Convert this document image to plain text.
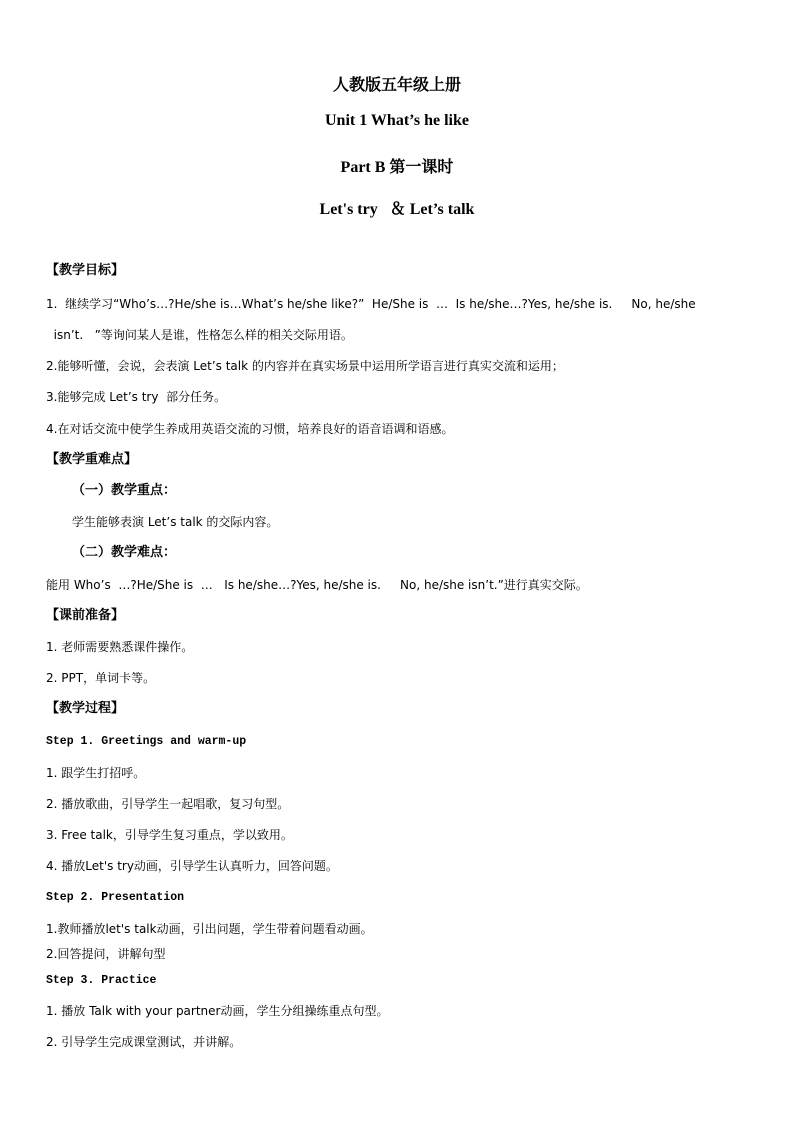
人教版五年级上册
Unit 1 What’s he like
Part B 第一课时
Let's try   ＆ Let’s talk
【教学目标】
1.  继续学习“Who’s…?He/she is…What’s he/she like?”  He/She is  …  Is he/she…?Yes, he/she is.     No, he/she
isn’t.   ”等询问某人是谁，性格怎么样的相关交际用语。
2.能够听懂，会说，会表演 Let’s talk 的内容并在真实场景中运用所学语言进行真实交流和运用；
3.能够完成 Let’s try  部分任务。
4.在对话交流中使学生养成用英语交流的习惯，培养良好的语音语调和语感。
【教学重难点】
（一）教学重点：
学生能够表演 Let’s talk 的交际内容。
（二）教学难点：
能用 Who’s  …?He/She is  …   Is he/she…?Yes, he/she is.     No, he/she isn’t.”进行真实交际。
【课前准备】
1. 老师需要熟悉课件操作。
2. PPT，单词卡等。
【教学过程】
Step 1. Greetings and warm-up
1. 跟学生打招呼。
2. 播放歌曲，引导学生一起唱歌，复习句型。
3. Free talk，引导学生复习重点，学以致用。
4. 播放Let's try动画，引导学生认真听力，回答问题。
Step 2. Presentation
1.教师播放let's talk动画，引出问题，学生带着问题看动画。
2.回答提问，讲解句型
Step 3. Practice
1. 播放 Talk with your partner动画，学生分组操练重点句型。
2. 引导学生完成课堂测试，并讲解。
